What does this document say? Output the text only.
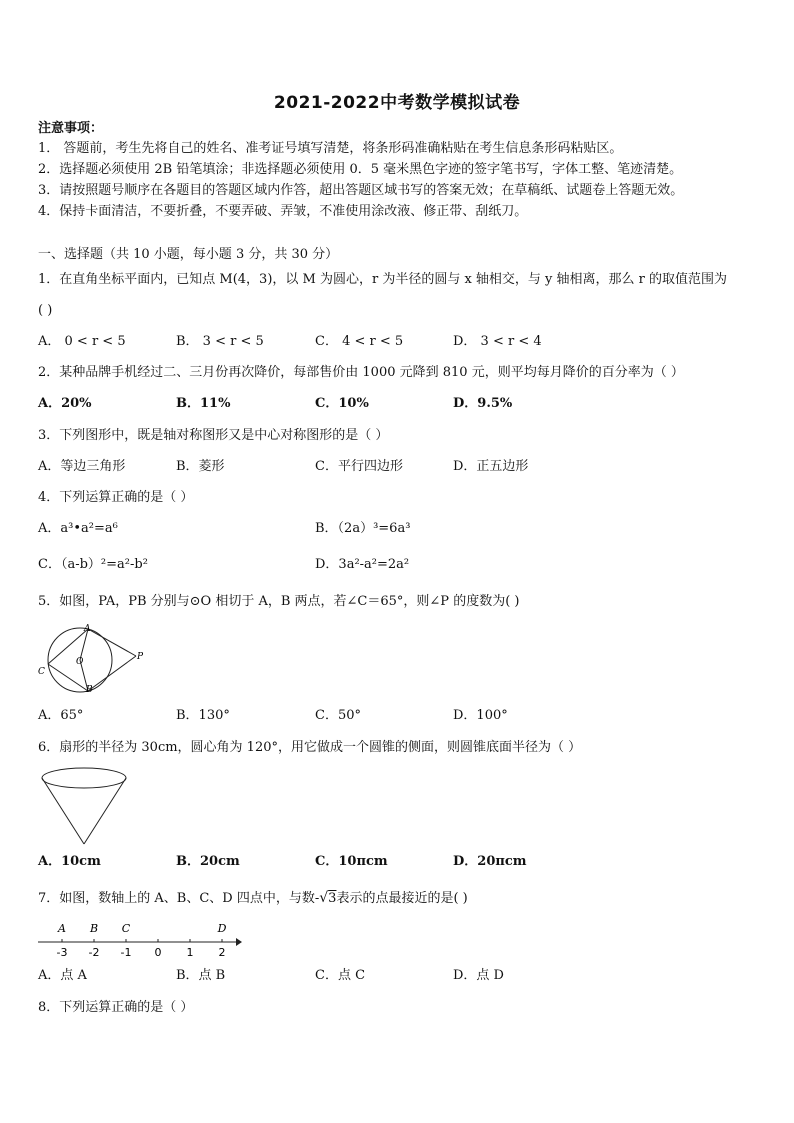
2021-2022中考数学模拟试卷
注意事项：
1． 答题前，考生先将自己的姓名、准考证号填写清楚，将条形码准确粘贴在考生信息条形码粘贴区。
2．选择题必须使用 2B 铅笔填涂；非选择题必须使用 0．5 毫米黑色字迹的签字笔书写，字体工整、笔迹清楚。
3．请按照题号顺序在各题目的答题区域内作答，超出答题区域书写的答案无效；在草稿纸、试题卷上答题无效。
4．保持卡面清洁，不要折叠，不要弄破、弄皱，不准使用涂改液、修正带、刮纸刀。
一、选择题（共 10 小题，每小题 3 分，共 30 分）
1．在直角坐标平面内，已知点 M(4，3)，以 M 为圆心，r 为半径的圆与 x 轴相交，与 y 轴相离，那么 r 的取值范围为
( )
A． 0 < r < 5	B． 3 < r < 5	C． 4 < r < 5	D． 3 < r < 4
2．某种品牌手机经过二、三月份再次降价，每部售价由 1000 元降到 810 元，则平均每月降价的百分率为（ ）
A．20%	B．11%	C．10%	D．9.5%
3．下列图形中，既是轴对称图形又是中心对称图形的是（ ）
A．等边三角形	B．菱形	C．平行四边形	D．正五边形
4．下列运算正确的是（ ）
A．a³•a²=a⁶	B．（2a）³=6a³
C．（a-b）²=a²-b²	D．3a²-a²=2a²
5．如图，PA，PB 分别与⊙O 相切于 A，B 两点，若∠C＝65°，则∠P 的度数为( )
A
O	P
C
B
A．65°	B．130°	C．50°	D．100°
6．扇形的半径为 30cm，圆心角为 120°，用它做成一个圆锥的侧面，则圆锥底面半径为（ ）
A．10cm	B．20cm	C．10πcm	D．20πcm
7．如图，数轴上的 A、B、C、D 四点中，与数-√3表示的点最接近的是( )
-3 -2 -1 0 1 2
A B C	D
A．点 A	B．点 B	C．点 C	D．点 D
8．下列运算正确的是（ ）
